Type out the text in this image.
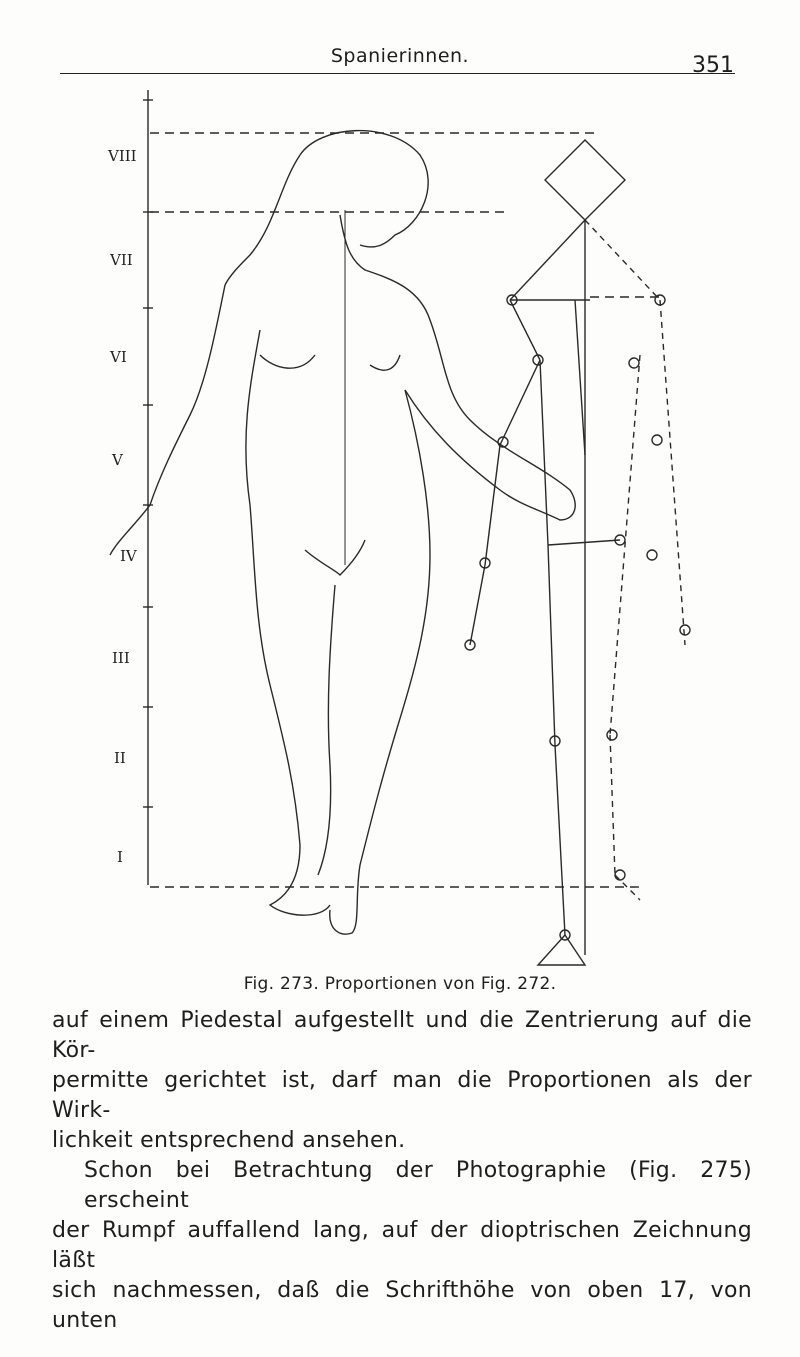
Spanierinnen.	351
VIII
VII
VI
V
IV
III
II
I
Fig. 273. Proportionen von Fig. 272.

auf einem Piedestal aufgestellt und die Zentrierung auf die Kör-

permitte gerichtet ist, darf man die Proportionen als der Wirk-

lichkeit entsprechend ansehen.

Schon bei Betrachtung der Photographie (Fig. 275) erscheint

der Rumpf auffallend lang, auf der dioptrischen Zeichnung läßt

sich nachmessen, daß die Schrifthöhe von oben 17, von unten
